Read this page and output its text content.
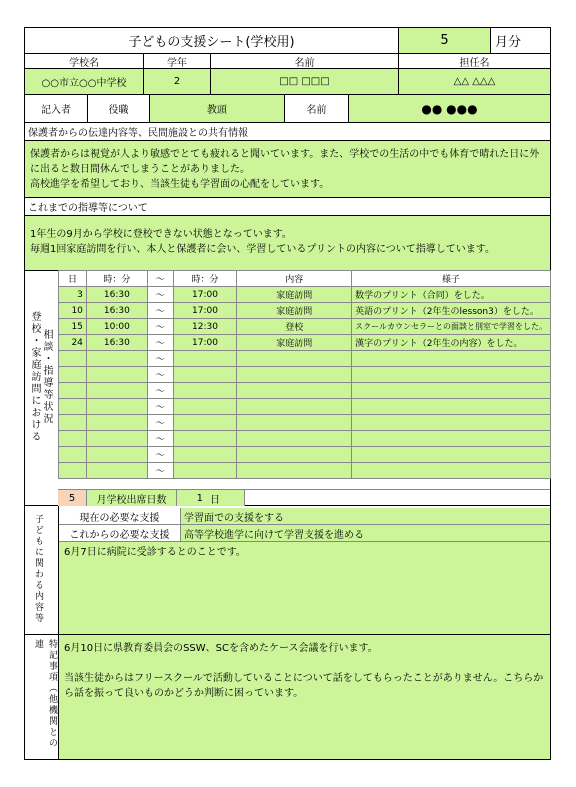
子どもの支援シート(学校用)	5	月分
学校名	学年	名前	担任名
○○市立○○中学校	2	□□ □□□	△△ △△△
記入者	役職	教頭	名前	●● ●●●
保護者からの伝達内容等、民間施設との共有情報
保護者からは視覚が人より敏感でとても疲れると聞いています。また、学校での生活の中でも体育で晴れた日に外に出ると数日間休んでしまうことがありました。
高校進学を希望しており、当該生徒も学習面の心配をしています。
これまでの指導等について
1年生の9月から学校に登校できない状態となっています。
毎週1回家庭訪問を行い、本人と保護者に会い、学習しているプリントの内容について指導しています。
登校・家庭訪問における 相談・指導等状況
日	時：分	～	時：分	内容	様子
3	16:30	～	17:00	家庭訪問	数学のプリント（合同）をした。
10	16:30	～	17:00	家庭訪問	英語のプリント（2年生のlesson3）をした。
15	10:00	～	12:30	登校	スクールカウンセラーとの面談と別室で学習をした。
24	16:30	～	17:00	家庭訪問	漢字のプリント（2年生の内容）をした。
		～			
		～			
		～			
		～			
		～			
		～			
		～			
		～			
5	月学校出席日数	1 日
子どもに関わる内容等	現在の必要な支援	学習面での支援をする
これからの必要な支援	高等学校進学に向けて学習支援を進める
6月7日に病院に受診するとのことです。
特記事項（他機関との連	6月10日に県教育委員会のSSW、SCを含めたケース会議を行います。

当該生徒からはフリースクールで活動していることについて話をしてもらったことがありません。こちらから話を振って良いものかどうか判断に困っています。
